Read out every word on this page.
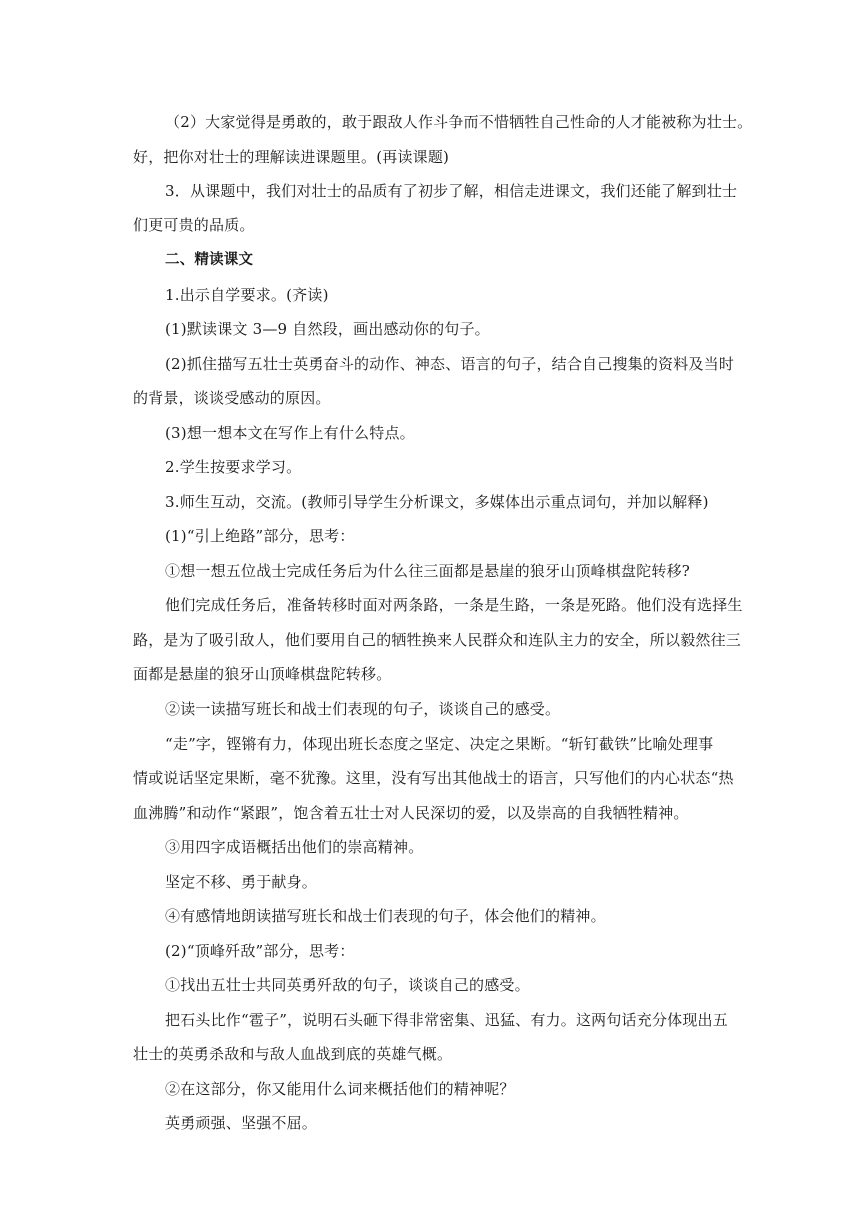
（2）大家觉得是勇敢的，敢于跟敌人作斗争而不惜牺牲自己性命的人才能被称为壮士。
好，把你对壮士的理解读进课题里。(再读课题)
3．从课题中，我们对壮士的品质有了初步了解，相信走进课文，我们还能了解到壮士
们更可贵的品质。
二、精读课文
1.出示自学要求。(齐读)
(1)默读课文 3—9 自然段，画出感动你的句子。
(2)抓住描写五壮士英勇奋斗的动作、神态、语言的句子，结合自己搜集的资料及当时
的背景，谈谈受感动的原因。
(3)想一想本文在写作上有什么特点。
2.学生按要求学习。
3.师生互动，交流。(教师引导学生分析课文，多媒体出示重点词句，并加以解释)
(1)“引上绝路”部分，思考：
①想一想五位战士完成任务后为什么往三面都是悬崖的狼牙山顶峰棋盘陀转移?
他们完成任务后，准备转移时面对两条路，一条是生路，一条是死路。他们没有选择生
路，是为了吸引敌人，他们要用自己的牺牲换来人民群众和连队主力的安全，所以毅然往三
面都是悬崖的狼牙山顶峰棋盘陀转移。
②读一读描写班长和战士们表现的句子，谈谈自己的感受。
“走”字，铿锵有力，体现出班长态度之坚定、决定之果断。“斩钉截铁”比喻处理事
情或说话坚定果断，毫不犹豫。这里，没有写出其他战士的语言，只写他们的内心状态“热
血沸腾”和动作“紧跟”，饱含着五壮士对人民深切的爱，以及崇高的自我牺牲精神。
③用四字成语概括出他们的崇高精神。
坚定不移、勇于献身。
④有感情地朗读描写班长和战士们表现的句子，体会他们的精神。
(2)“顶峰歼敌”部分，思考：
①找出五壮士共同英勇歼敌的句子，谈谈自己的感受。
把石头比作“雹子”，说明石头砸下得非常密集、迅猛、有力。这两句话充分体现出五
壮士的英勇杀敌和与敌人血战到底的英雄气概。
②在这部分，你又能用什么词来概括他们的精神呢？
英勇顽强、坚强不屈。
